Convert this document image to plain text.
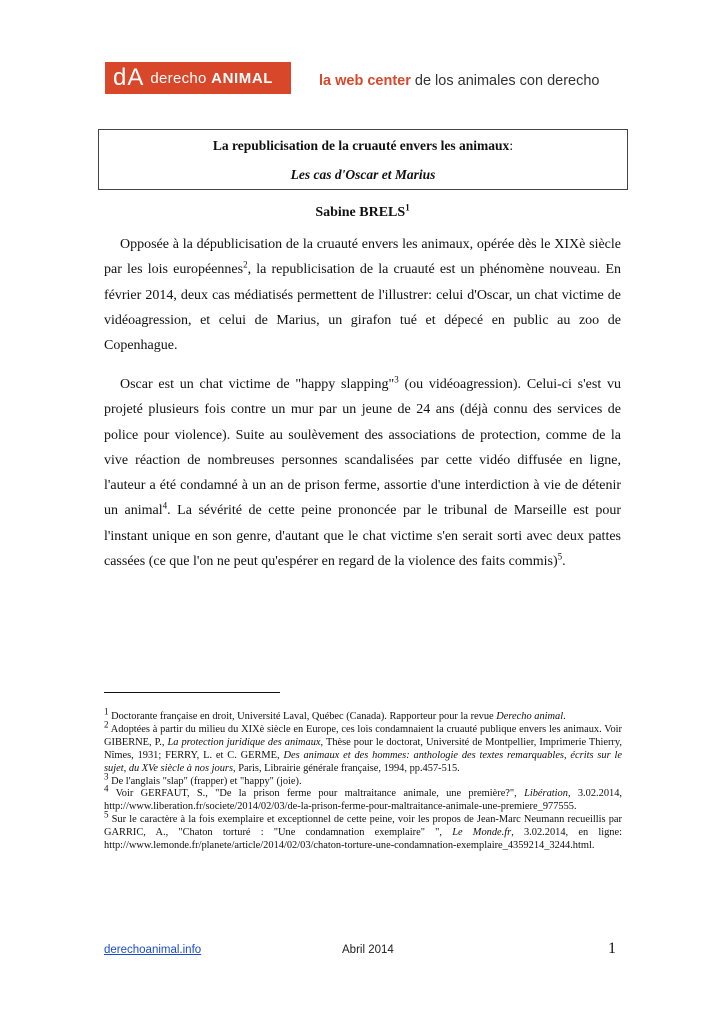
dA derecho ANIMAL	la web center de los animales con derecho
La republicisation de la cruauté envers les animaux:
Les cas d'Oscar et Marius
Sabine BRELS$^1$
Opposée à la dépublicisation de la cruauté envers les animaux, opérée dès le XIXè siècle par les lois européennes$^2$, la republicisation de la cruauté est un phénomène nouveau. En février 2014, deux cas médiatisés permettent de l'illustrer: celui d'Oscar, un chat victime de vidéoagression, et celui de Marius, un girafon tué et dépecé en public au zoo de Copenhague.
Oscar est un chat victime de "happy slapping"$^3$ (ou vidéoagression). Celui-ci s'est vu projeté plusieurs fois contre un mur par un jeune de 24 ans (déjà connu des services de police pour violence). Suite au soulèvement des associations de protection, comme de la vive réaction de nombreuses personnes scandalisées par cette vidéo diffusée en ligne, l'auteur a été condamné à un an de prison ferme, assortie d'une interdiction à vie de détenir un animal$^4$. La sévérité de cette peine prononcée par le tribunal de Marseille est pour l'instant unique en son genre, d'autant que le chat victime s'en serait sorti avec deux pattes cassées (ce que l'on ne peut qu'espérer en regard de la violence des faits commis)$^5$.
$^1$ Doctorante française en droit, Université Laval, Québec (Canada). Rapporteur pour la revue Derecho animal.
$^2$ Adoptées à partir du milieu du XIXè siècle en Europe, ces lois condamnaient la cruauté publique envers les animaux. Voir GIBERNE, P., La protection juridique des animaux, Thèse pour le doctorat, Université de Montpellier, Imprimerie Thierry, Nîmes, 1931; FERRY, L. et C. GERME, Des animaux et des hommes: anthologie des textes remarquables, écrits sur le sujet, du XVe siècle à nos jours, Paris, Librairie générale française, 1994, pp.457-515.
$^3$ De l'anglais "slap" (frapper) et "happy" (joie).
$^4$ Voir GERFAUT, S., "De la prison ferme pour maltraitance animale, une première?", Libération, 3.02.2014, http://www.liberation.fr/societe/2014/02/03/de-la-prison-ferme-pour-maltraitance-animale-une-premiere_977555.
$^5$ Sur le caractère à la fois exemplaire et exceptionnel de cette peine, voir les propos de Jean-Marc Neumann recueillis par GARRIC, A., "Chaton torturé : "Une condamnation exemplaire" ", Le Monde.fr, 3.02.2014, en ligne: http://www.lemonde.fr/planete/article/2014/02/03/chaton-torture-une-condamnation-exemplaire_4359214_3244.html.
derechoanimal.info	Abril 2014	1
